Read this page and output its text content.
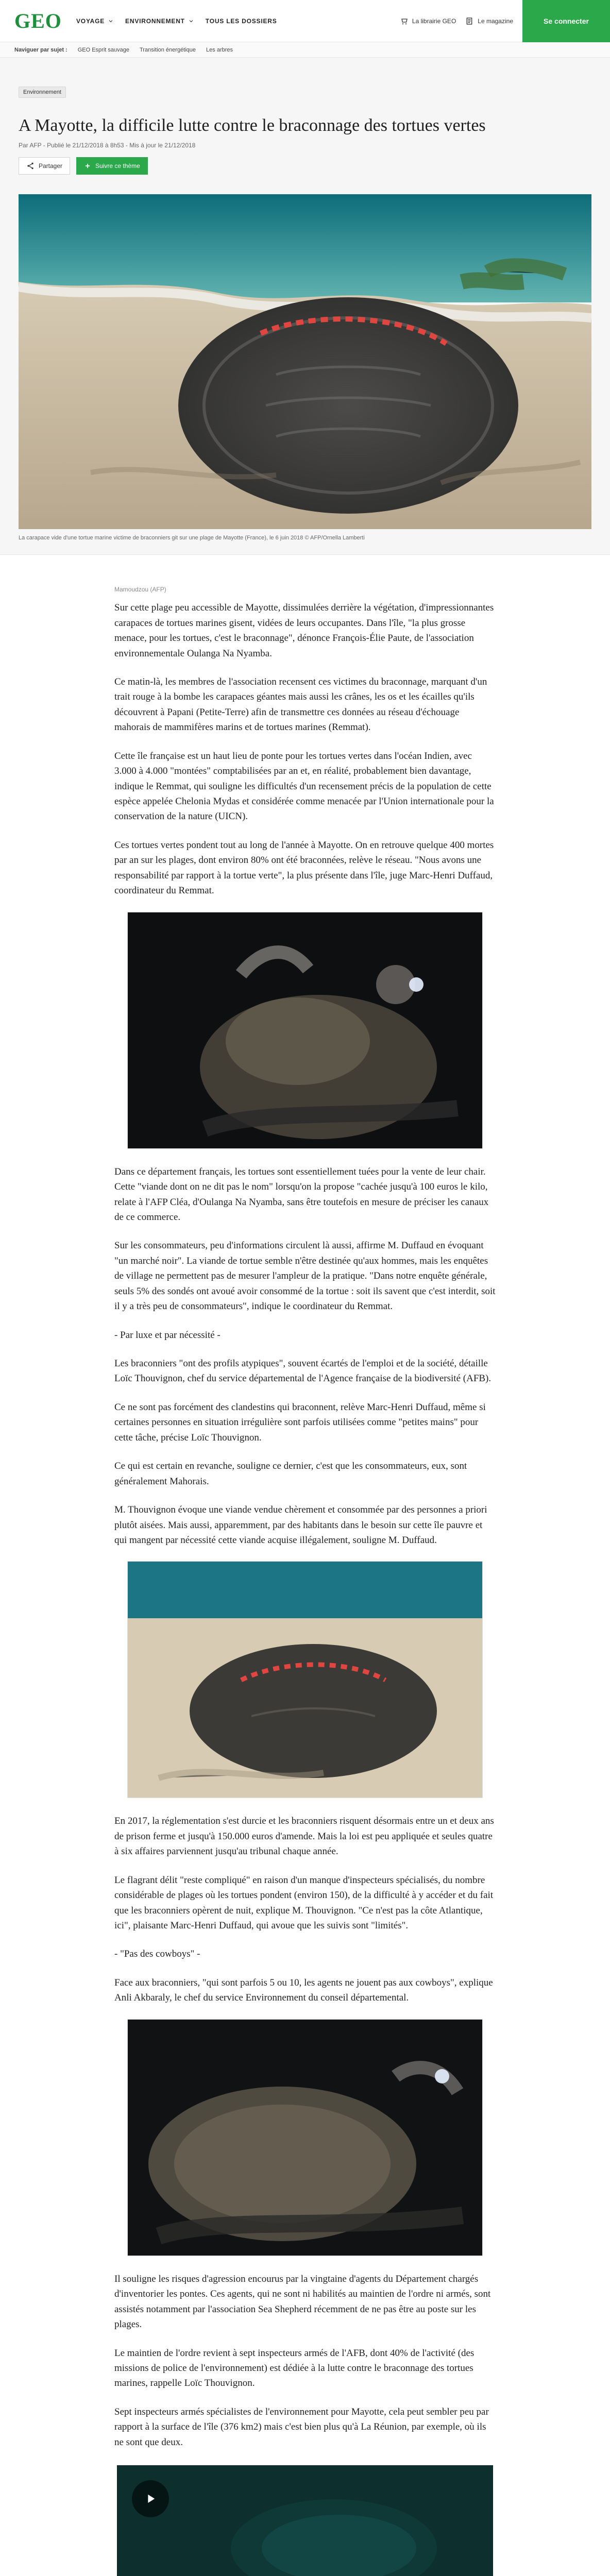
GEO VOYAGE	ENVIRONNEMENT	TOUS LES DOSSIERS	La librairie GEO	Le magazine	Se connecter
Naviguer par sujet : GEO Esprit sauvage Transition énergétique Les arbres
Environnement
A Mayotte, la difficile lutte contre le braconnage des tortues vertes
Par AFP - Publié le 21/12/2018 à 8h53 - Mis à jour le 21/12/2018
Partager	Suivre ce thème
La carapace vide d'une tortue marine victime de braconniers git sur une plage de Mayotte (France), le 6 juin 2018 © AFP/Ornella Lamberti
Mamoudzou (AFP)

Sur cette plage peu accessible de Mayotte, dissimulées derrière la végétation, d'impressionnantes carapaces de tortues marines gisent, vidées de leurs occupantes. Dans l'île, "la plus grosse menace, pour les tortues, c'est le braconnage", dénonce François-Élie Paute, de l'association environnementale Oulanga Na Nyamba.

Ce matin-là, les membres de l'association recensent ces victimes du braconnage, marquant d'un trait rouge à la bombe les carapaces géantes mais aussi les crânes, les os et les écailles qu'ils découvrent à Papani (Petite-Terre) afin de transmettre ces données au réseau d'échouage mahorais de mammifères marins et de tortues marines (Remmat).

Cette île française est un haut lieu de ponte pour les tortues vertes dans l'océan Indien, avec 3.000 à 4.000 "montées" comptabilisées par an et, en réalité, probablement bien davantage, indique le Remmat, qui souligne les difficultés d'un recensement précis de la population de cette espèce appelée Chelonia Mydas et considérée comme menacée par l'Union internationale pour la conservation de la nature (UICN).

Ces tortues vertes pondent tout au long de l'année à Mayotte. On en retrouve quelque 400 mortes par an sur les plages, dont environ 80% ont été braconnées, relève le réseau. "Nous avons une responsabilité par rapport à la tortue verte", la plus présente dans l'île, juge Marc-Henri Duffaud, coordinateur du Remmat.

Dans ce département français, les tortues sont essentiellement tuées pour la vente de leur chair. Cette "viande dont on ne dit pas le nom" lorsqu'on la propose "cachée jusqu'à 100 euros le kilo, relate à l'AFP Cléa, d'Oulanga Na Nyamba, sans être toutefois en mesure de préciser les canaux de ce commerce.

Sur les consommateurs, peu d'informations circulent là aussi, affirme M. Duffaud en évoquant "un marché noir". La viande de tortue semble n'être destinée qu'aux hommes, mais les enquêtes de village ne permettent pas de mesurer l'ampleur de la pratique. "Dans notre enquête générale, seuls 5% des sondés ont avoué avoir consommé de la tortue : soit ils savent que c'est interdit, soit il y a très peu de consommateurs", indique le coordinateur du Remmat.

- Par luxe et par nécessité -

Les braconniers "ont des profils atypiques", souvent écartés de l'emploi et de la société, détaille Loïc Thouvignon, chef du service départemental de l'Agence française de la biodiversité (AFB).

Ce ne sont pas forcément des clandestins qui braconnent, relève Marc-Henri Duffaud, même si certaines personnes en situation irrégulière sont parfois utilisées comme "petites mains" pour cette tâche, précise Loïc Thouvignon.

Ce qui est certain en revanche, souligne ce dernier, c'est que les consommateurs, eux, sont généralement Mahorais.

M. Thouvignon évoque une viande vendue chèrement et consommée par des personnes a priori plutôt aisées. Mais aussi, apparemment, par des habitants dans le besoin sur cette île pauvre et qui mangent par nécessité cette viande acquise illégalement, souligne M. Duffaud.

En 2017, la réglementation s'est durcie et les braconniers risquent désormais entre un et deux ans de prison ferme et jusqu'à 150.000 euros d'amende. Mais la loi est peu appliquée et seules quatre à six affaires parviennent jusqu'au tribunal chaque année.

Le flagrant délit "reste compliqué" en raison d'un manque d'inspecteurs spécialisés, du nombre considérable de plages où les tortues pondent (environ 150), de la difficulté à y accéder et du fait que les braconniers opèrent de nuit, explique M. Thouvignon. "Ce n'est pas la côte Atlantique, ici", plaisante Marc-Henri Duffaud, qui avoue que les suivis sont "limités".

- "Pas des cowboys" -

Face aux braconniers, "qui sont parfois 5 ou 10, les agents ne jouent pas aux cowboys", explique Anli Akbaraly, le chef du service Environnement du conseil départemental.

Il souligne les risques d'agression encourus par la vingtaine d'agents du Département chargés d'inventorier les pontes. Ces agents, qui ne sont ni habilités au maintien de l'ordre ni armés, sont assistés notamment par l'association Sea Shepherd récemment de ne pas être au poste sur les plages.

Le maintien de l'ordre revient à sept inspecteurs armés de l'AFB, dont 40% de l'activité (des missions de police de l'environnement) est dédiée à la lutte contre le braconnage des tortues marines, rappelle Loïc Thouvignon.

Sept inspecteurs armés spécialistes de l'environnement pour Mayotte, cela peut sembler peu par rapport à la surface de l'île (376 km2) mais c'est bien plus qu'à La Réunion, par exemple, où ils ne sont que deux.
